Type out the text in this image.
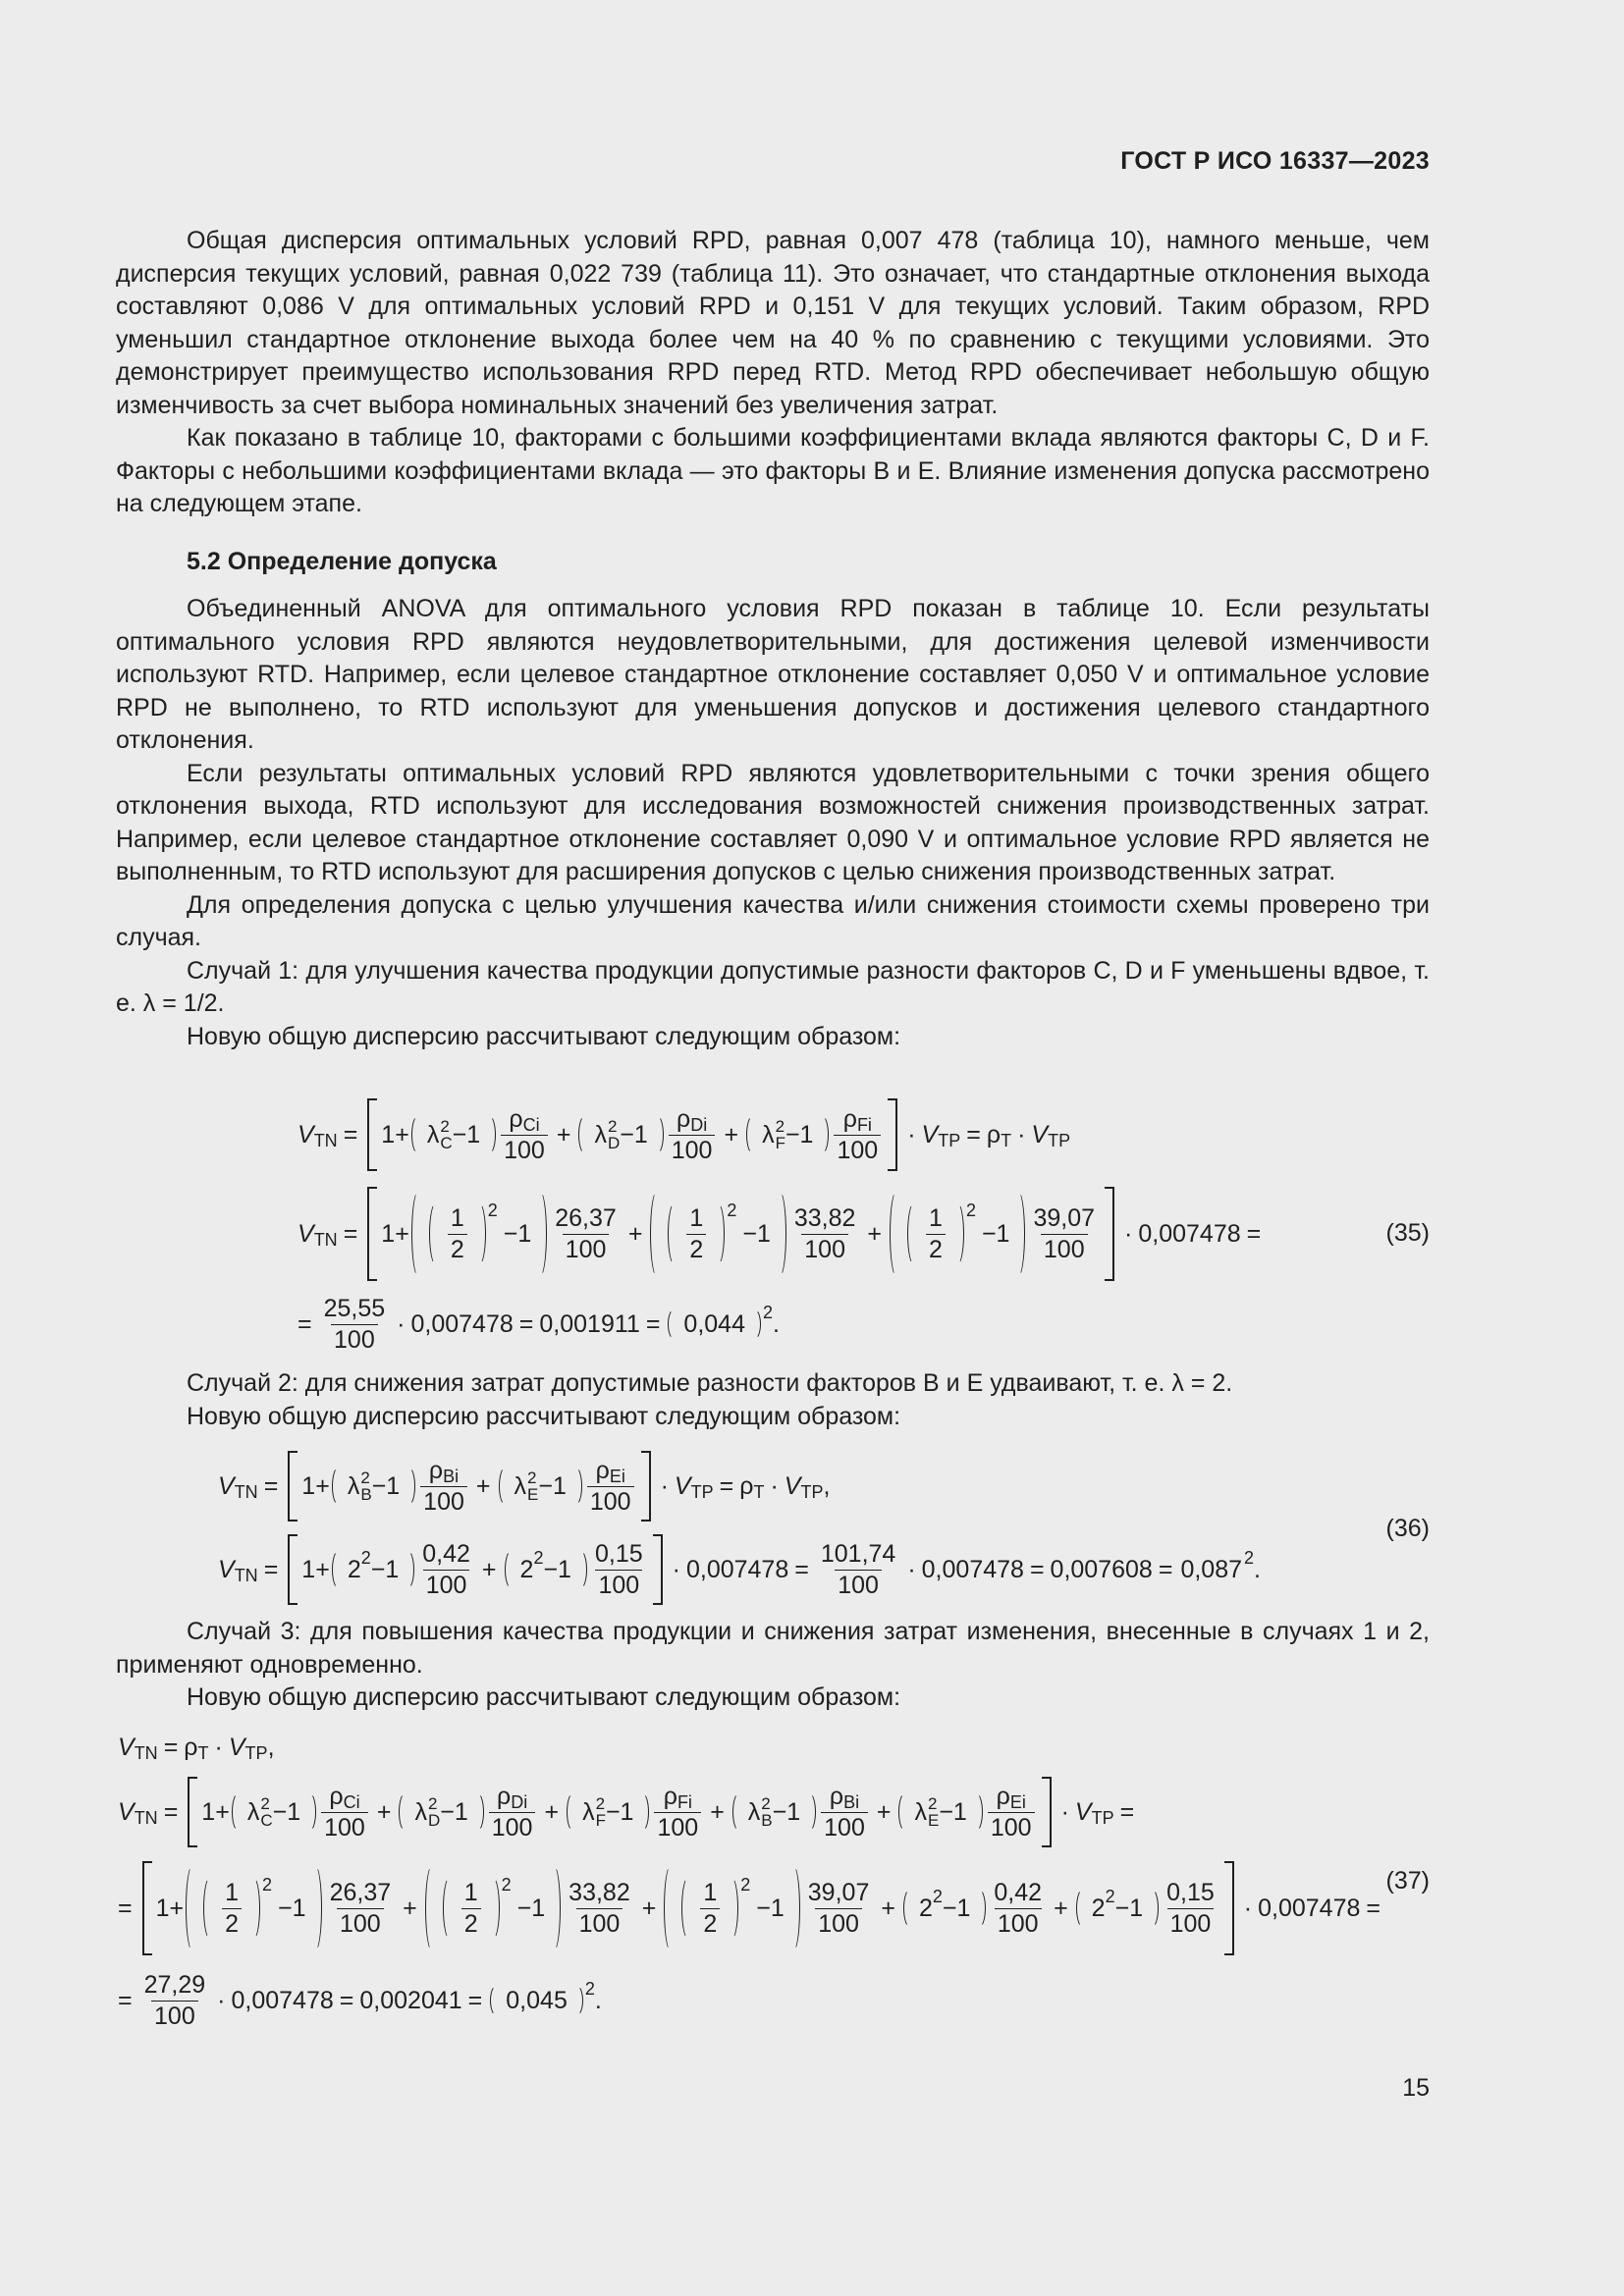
ГОСТ Р ИСО 16337—2023

Общая дисперсия оптимальных условий RPD, равная 0,007 478 (таблица 10), намного меньше, чем дисперсия текущих условий, равная 0,022 739 (таблица 11). Это означает, что стандартные отклонения выхода составляют 0,086 V для оптимальных условий RPD и 0,151 V для текущих условий. Таким образом, RPD уменьшил стандартное отклонение выхода более чем на 40 % по сравнению с текущими условиями. Это демонстрирует преимущество использования RPD перед RTD. Метод RPD обеспечивает небольшую общую изменчивость за счет выбора номинальных значений без увеличения затрат.

Как показано в таблице 10, факторами с большими коэффициентами вклада являются факторы C, D и F. Факторы с небольшими коэффициентами вклада — это факторы B и E. Влияние изменения допуска рассмотрено на следующем этапе.

5.2 Определение допуска

Объединенный ANOVA для оптимального условия RPD показан в таблице 10. Если результаты оптимального условия RPD являются неудовлетворительными, для достижения целевой изменчивости используют RTD. Например, если целевое стандартное отклонение составляет 0,050 V и оптимальное условие RPD не выполнено, то RTD используют для уменьшения допусков и достижения целевого стандартного отклонения.

Если результаты оптимальных условий RPD являются удовлетворительными с точки зрения общего отклонения выхода, RTD используют для исследования возможностей снижения производственных затрат. Например, если целевое стандартное отклонение составляет 0,090 V и оптимальное условие RPD является не выполненным, то RTD используют для расширения допусков с целью снижения производственных затрат.

Для определения допуска с целью улучшения качества и/или снижения стоимости схемы проверено три случая.

Случай 1: для улучшения качества продукции допустимые разности факторов C, D и F уменьшены вдвое, т. е. λ = 1/2.

Новую общую дисперсию рассчитывают следующим образом:

V TN = 1+ λ 2
$C -1 \frac{\text{ρCi}}{100} + \lambda$ 2
$D -1 \frac{\text{ρDi}}{100} + \lambda$ 2
$F -1 \frac{\text{ρFi}}{100} \cdot V$ TP = ρ T · V TP
V TN = $1+ \frac{1}{2} 2$
$-1 \frac{26,37}{100} + \frac{1}{2} 2$
$-1 \frac{33,82}{100} + \frac{1}{2} 2$
$-1 \frac{39,07}{100} \cdot 0,007478$ =	(35)
= $\frac{25,55}{100} \cdot 0,007478 = 0,001911 = 0,044$ 2 .

Случай 2: для снижения затрат допустимые разности факторов B и E удваивают, т. е. λ = 2.

Новую общую дисперсию рассчитывают следующим образом:

V TN = 1+ λ 2
$B -1 \frac{\text{ρBi}}{100} + \lambda$ 2
$E -1 \frac{\text{ρEi}}{100} \cdot V$ TP = ρ T · V TP ,
V TN = 1+ 2 $2 -1 \frac{0,42}{100} + 2$ $2 -1 \frac{0,15}{100} \cdot 0,007478 = \frac{101,74}{100} \cdot 0,007478 = 0,007608 = 0,087$ 2 .
(36)

Случай 3: для повышения качества продукции и снижения затрат изменения, внесенные в случаях 1 и 2, применяют одновременно.

Новую общую дисперсию рассчитывают следующим образом:

V TN = ρ T · V TP ,
V TN = 1+ λ 2
$C -1 \frac{\text{ρCi}}{100} + \lambda$ 2
$D -1 \frac{\text{ρDi}}{100} + \lambda$ 2
$F -1 \frac{\text{ρFi}}{100} + \lambda$ 2
$B -1 \frac{\text{ρBi}}{100} + \lambda$ 2
$E -1 \frac{\text{ρEi}}{100} \cdot V$ TP =
= $1+ \frac{1}{2} 2$
$-1 \frac{26,37}{100} + \frac{1}{2} 2$
$-1 \frac{33,82}{100} + \frac{1}{2} 2$
$-1 \frac{39,07}{100} + 2$ $2 -1 \frac{0,42}{100} + 2$ $2 -1 \frac{0,15}{100} \cdot 0,007478$ =
(37)
= $\frac{27,29}{100} \cdot 0,007478 = 0,002041 = 0,045$ 2 .
15
